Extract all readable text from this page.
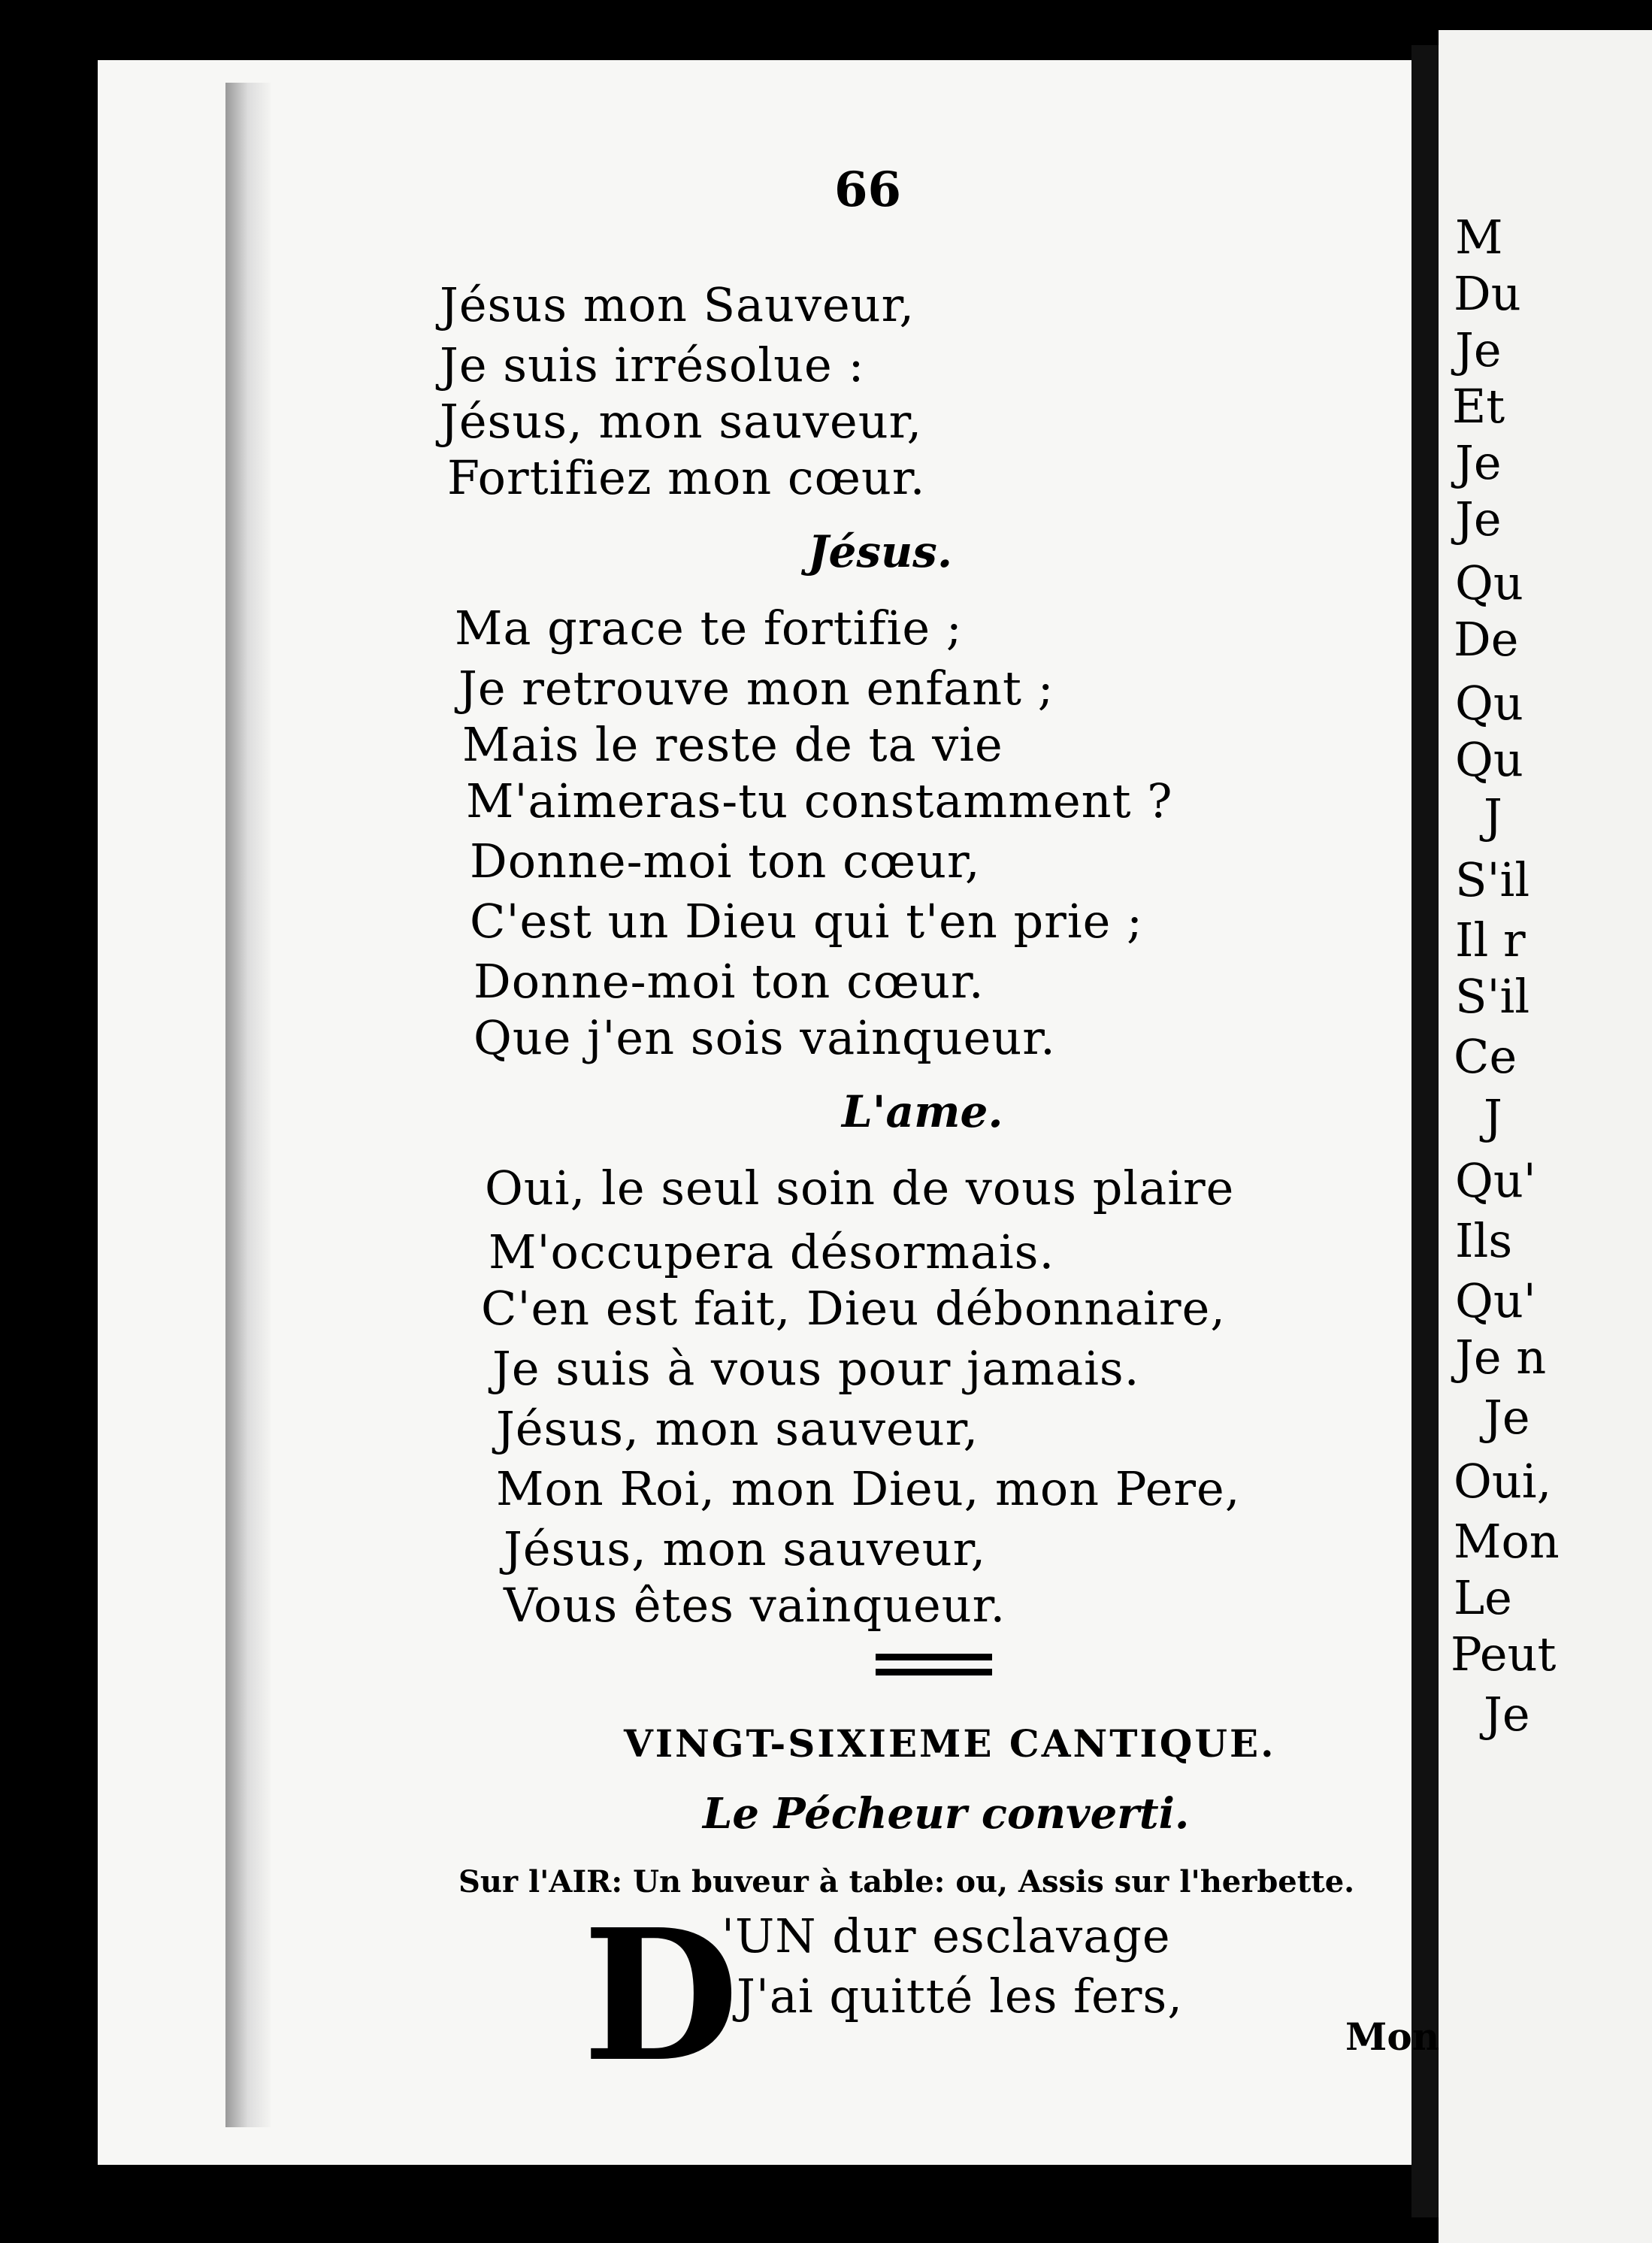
M
Du
Je
Et
Je
Je
Qu
De
Qu
Qu
J
S'il
Il r
S'il
Ce
J
Qu'
Ils
Qu'
Je n
Je
Oui,
Mon
Le
Peut
Je
66
Jésus mon Sauveur,
Je suis irrésolue :
Jésus, mon sauveur,
Fortifiez mon cœur.
Jésus.
Ma grace te fortifie ;
Je retrouve mon enfant ;
Mais le reste de ta vie
M'aimeras-tu constamment ?
Donne-moi ton cœur,
C'est un Dieu qui t'en prie ;
Donne-moi ton cœur.
Que j'en sois vainqueur.
L'ame.
Oui, le seul soin de vous plaire
M'occupera désormais.
C'en est fait, Dieu débonnaire,
Je suis à vous pour jamais.
Jésus, mon sauveur,
Mon Roi, mon Dieu, mon Pere,
Jésus, mon sauveur,
Vous êtes vainqueur.
VINGT-SIXIEME CANTIQUE.
Le Pécheur converti.
Sur l'AIR: Un buveur à table: ou, Assis sur l'herbette.
D
'UN dur esclavage
J'ai quitté les fers,
Mon
